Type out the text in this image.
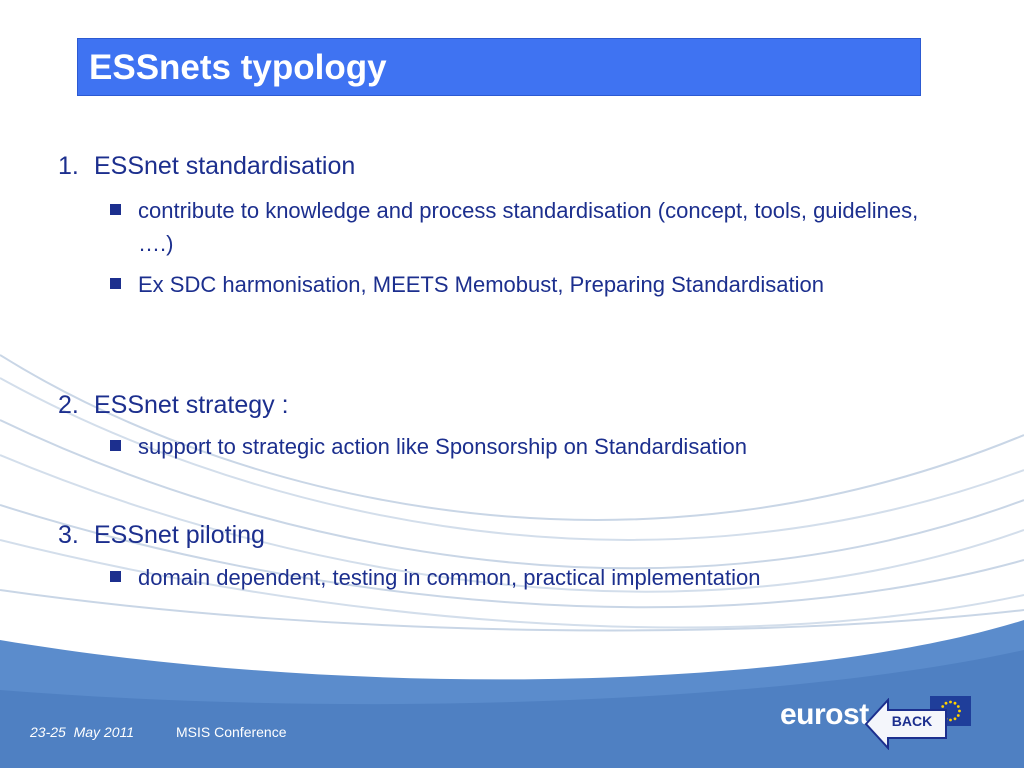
ESSnets typology
1. ESSnet standardisation
contribute to knowledge and process standardisation (concept, tools, guidelines, ….)
Ex SDC harmonisation, MEETS Memobust, Preparing Standardisation
2. ESSnet strategy :
support to strategic action like Sponsorship on Standardisation
3. ESSnet piloting
domain dependent, testing in common, practical implementation
23-25  May 2011	MSIS Conference
eurost	BACK
